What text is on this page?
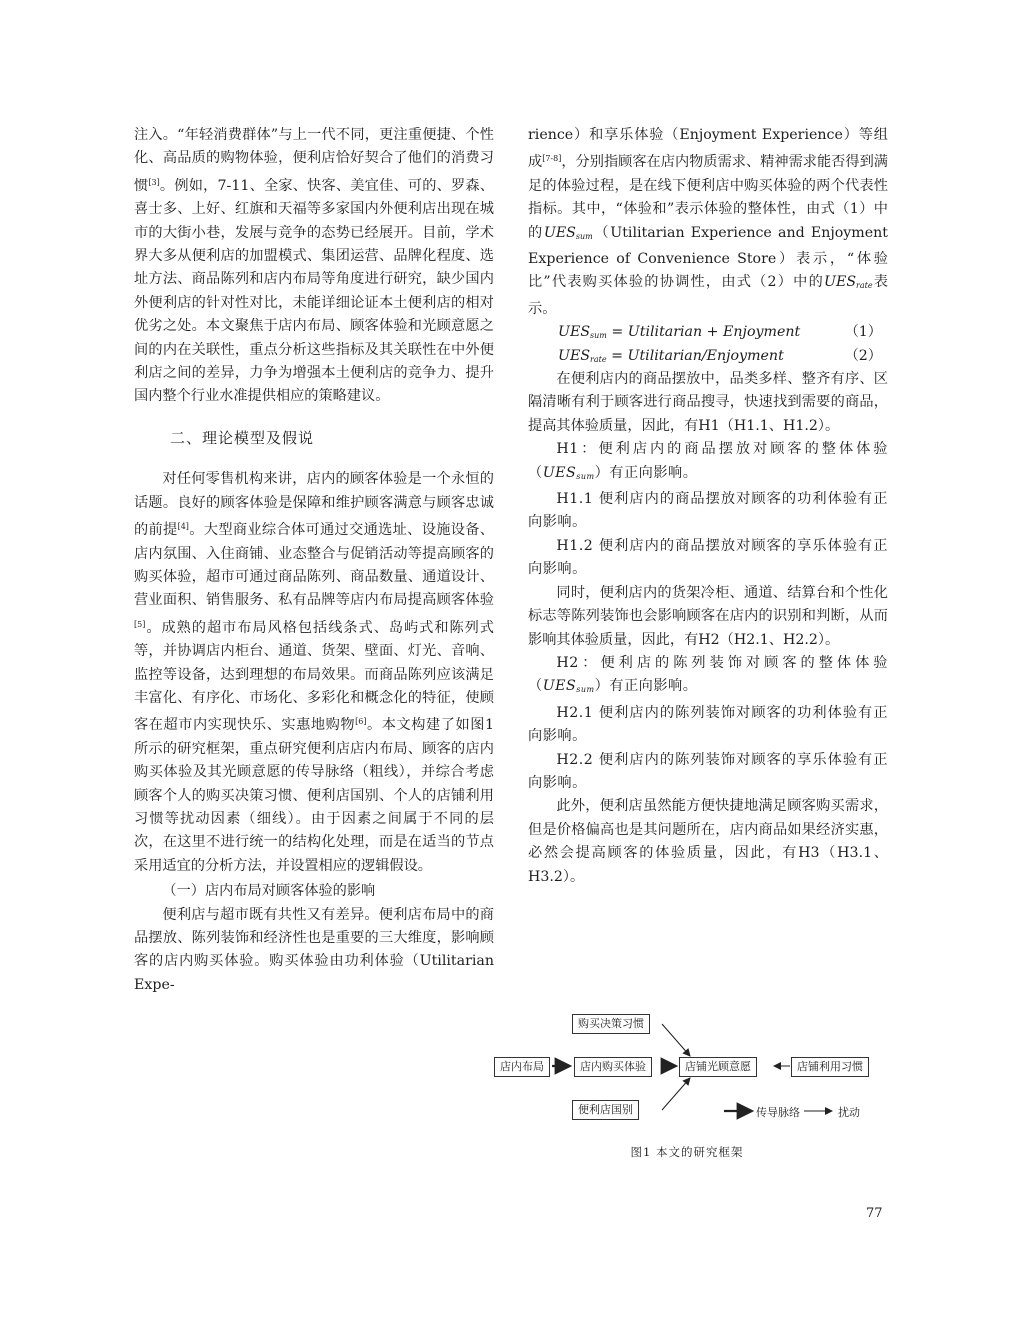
注入。“年轻消费群体”与上一代不同，更注重便捷、个性化、高品质的购物体验，便利店恰好契合了他们的消费习惯[3]。例如，7-11、全家、快客、美宜佳、可的、罗森、喜士多、上好、红旗和天福等多家国内外便利店出现在城市的大街小巷，发展与竞争的态势已经展开。目前，学术界大多从便利店的加盟模式、集团运营、品牌化程度、选址方法、商品陈列和店内布局等角度进行研究，缺少国内外便利店的针对性对比，未能详细论证本土便利店的相对优劣之处。本文聚焦于店内布局、顾客体验和光顾意愿之间的内在关联性，重点分析这些指标及其关联性在中外便利店之间的差异，力争为增强本土便利店的竞争力、提升国内整个行业水准提供相应的策略建议。

二、理论模型及假说

对任何零售机构来讲，店内的顾客体验是一个永恒的话题。良好的顾客体验是保障和维护顾客满意与顾客忠诚的前提[4]。大型商业综合体可通过交通选址、设施设备、店内氛围、入住商铺、业态整合与促销活动等提高顾客的购买体验，超市可通过商品陈列、商品数量、通道设计、营业面积、销售服务、私有品牌等店内布局提高顾客体验[5]。成熟的超市布局风格包括线条式、岛屿式和陈列式等，并协调店内柜台、通道、货架、壁面、灯光、音响、监控等设备，达到理想的布局效果。而商品陈列应该满足丰富化、有序化、市场化、多彩化和概念化的特征，使顾客在超市内实现快乐、实惠地购物[6]。本文构建了如图1所示的研究框架，重点研究便利店店内布局、顾客的店内购买体验及其光顾意愿的传导脉络（粗线），并综合考虑顾客个人的购买决策习惯、便利店国别、个人的店铺利用习惯等扰动因素（细线）。由于因素之间属于不同的层次，在这里不进行统一的结构化处理，而是在适当的节点采用适宜的分析方法，并设置相应的逻辑假设。

（一）店内布局对顾客体验的影响

便利店与超市既有共性又有差异。便利店布局中的商品摆放、陈列装饰和经济性也是重要的三大维度，影响顾客的店内购买体验。购买体验由功利体验（Utilitarian Expe-

rience）和享乐体验（Enjoyment Experience）等组成[7-8]，分别指顾客在店内物质需求、精神需求能否得到满足的体验过程，是在线下便利店中购买体验的两个代表性指标。其中，“体验和”表示体验的整体性，由式（1）中的$UES_{sum}(Utilitarian$ Experience and Enjoyment Experience of Convenience Store）表示，“体验比”代表购买体验的协调性，由式（2）中的$UES_{rate}$表示。

$UES_{sum}$ = Utilitarian + Enjoyment	（1）
$UES_{rate}$ = Utilitarian/Enjoyment	（2）

在便利店内的商品摆放中，品类多样、整齐有序、区隔清晰有利于顾客进行商品搜寻，快速找到需要的商品，提高其体验质量，因此，有H1（H1.1、H1.2）。

H1：便利店内的商品摆放对顾客的整体体验$(UES_{sum})$有正向影响。

H1.1 便利店内的商品摆放对顾客的功利体验有正向影响。

H1.2 便利店内的商品摆放对顾客的享乐体验有正向影响。

同时，便利店内的货架冷柜、通道、结算台和个性化标志等陈列装饰也会影响顾客在店内的识别和判断，从而影响其体验质量，因此，有H2（H2.1、H2.2）。

H2：便利店的陈列装饰对顾客的整体体验$(UES_{sum})$有正向影响。

H2.1 便利店内的陈列装饰对顾客的功利体验有正向影响。

H2.2 便利店内的陈列装饰对顾客的享乐体验有正向影响。

此外，便利店虽然能方便快捷地满足顾客购买需求，但是价格偏高也是其问题所在，店内商品如果经济实惠，必然会提高顾客的体验质量，因此，有H3（H3.1、H3.2）。

购买决策习惯
店内布局	店内购买体验	店铺光顾意愿	店铺利用习惯
便利店国别	传导脉络	扰动
图1 本文的研究框架
77
